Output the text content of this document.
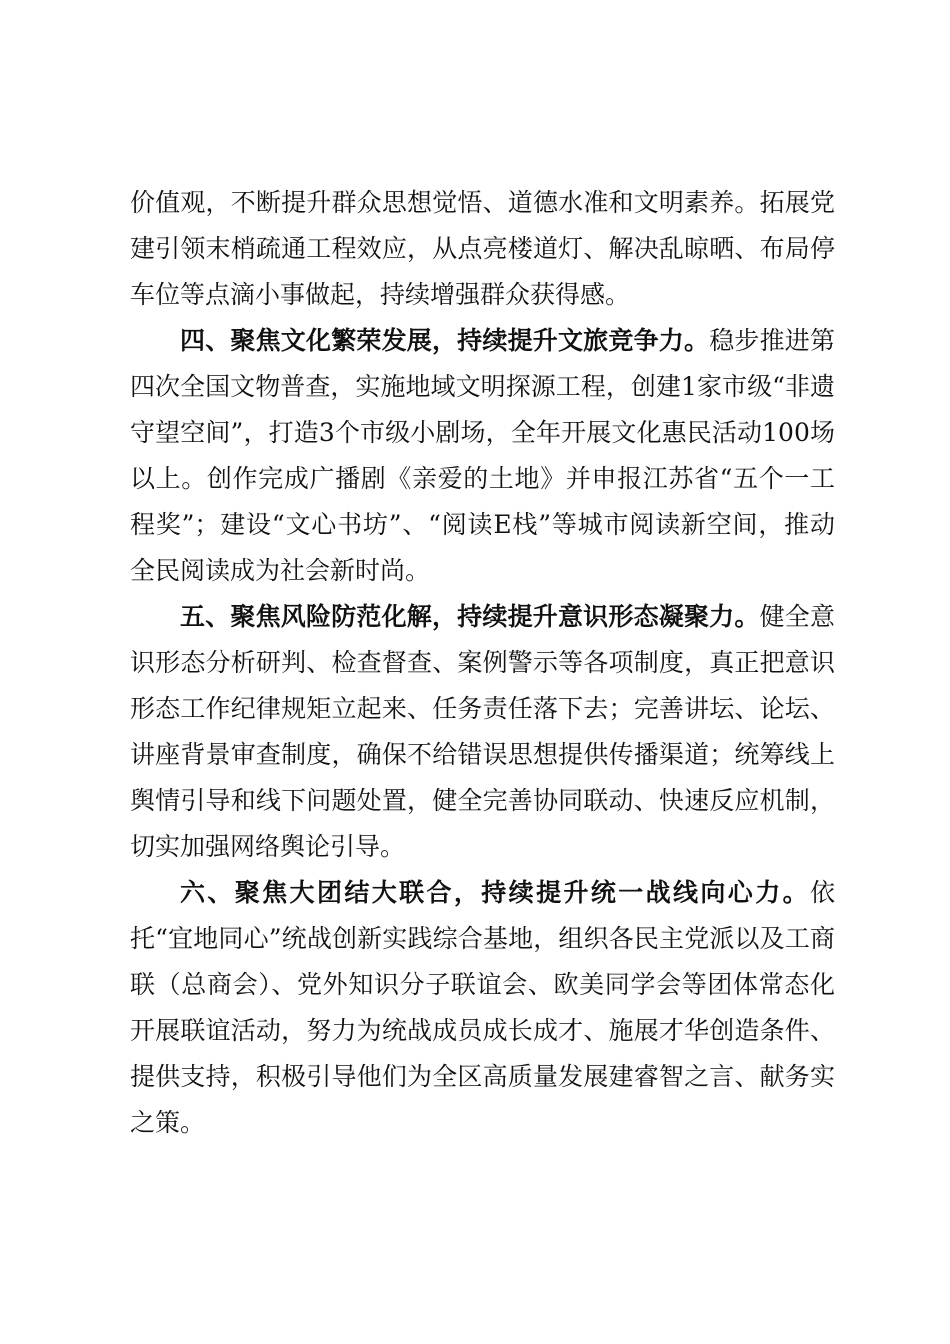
价值观，不断提升群众思想觉悟、道德水准和文明素养。拓展党建引领末梢疏通工程效应，从点亮楼道灯、解决乱晾晒、布局停车位等点滴小事做起，持续增强群众获得感。

四、聚焦文化繁荣发展，持续提升文旅竞争力。稳步推进第四次全国文物普查，实施地域文明探源工程，创建1家市级“非遗守望空间”，打造3个市级小剧场，全年开展文化惠民活动100场以上。创作完成广播剧《亲爱的土地》并申报江苏省“五个一工程奖”；建设“文心书坊”、“阅读E栈”等城市阅读新空间，推动全民阅读成为社会新时尚。

五、聚焦风险防范化解，持续提升意识形态凝聚力。健全意识形态分析研判、检查督查、案例警示等各项制度，真正把意识形态工作纪律规矩立起来、任务责任落下去；完善讲坛、论坛、讲座背景审查制度，确保不给错误思想提供传播渠道；统筹线上舆情引导和线下问题处置，健全完善协同联动、快速反应机制，切实加强网络舆论引导。

六、聚焦大团结大联合，持续提升统一战线向心力。依托“宜地同心”统战创新实践综合基地，组织各民主党派以及工商联（总商会）、党外知识分子联谊会、欧美同学会等团体常态化开展联谊活动，努力为统战成员成长成才、施展才华创造条件、提供支持，积极引导他们为全区高质量发展建睿智之言、献务实之策。
